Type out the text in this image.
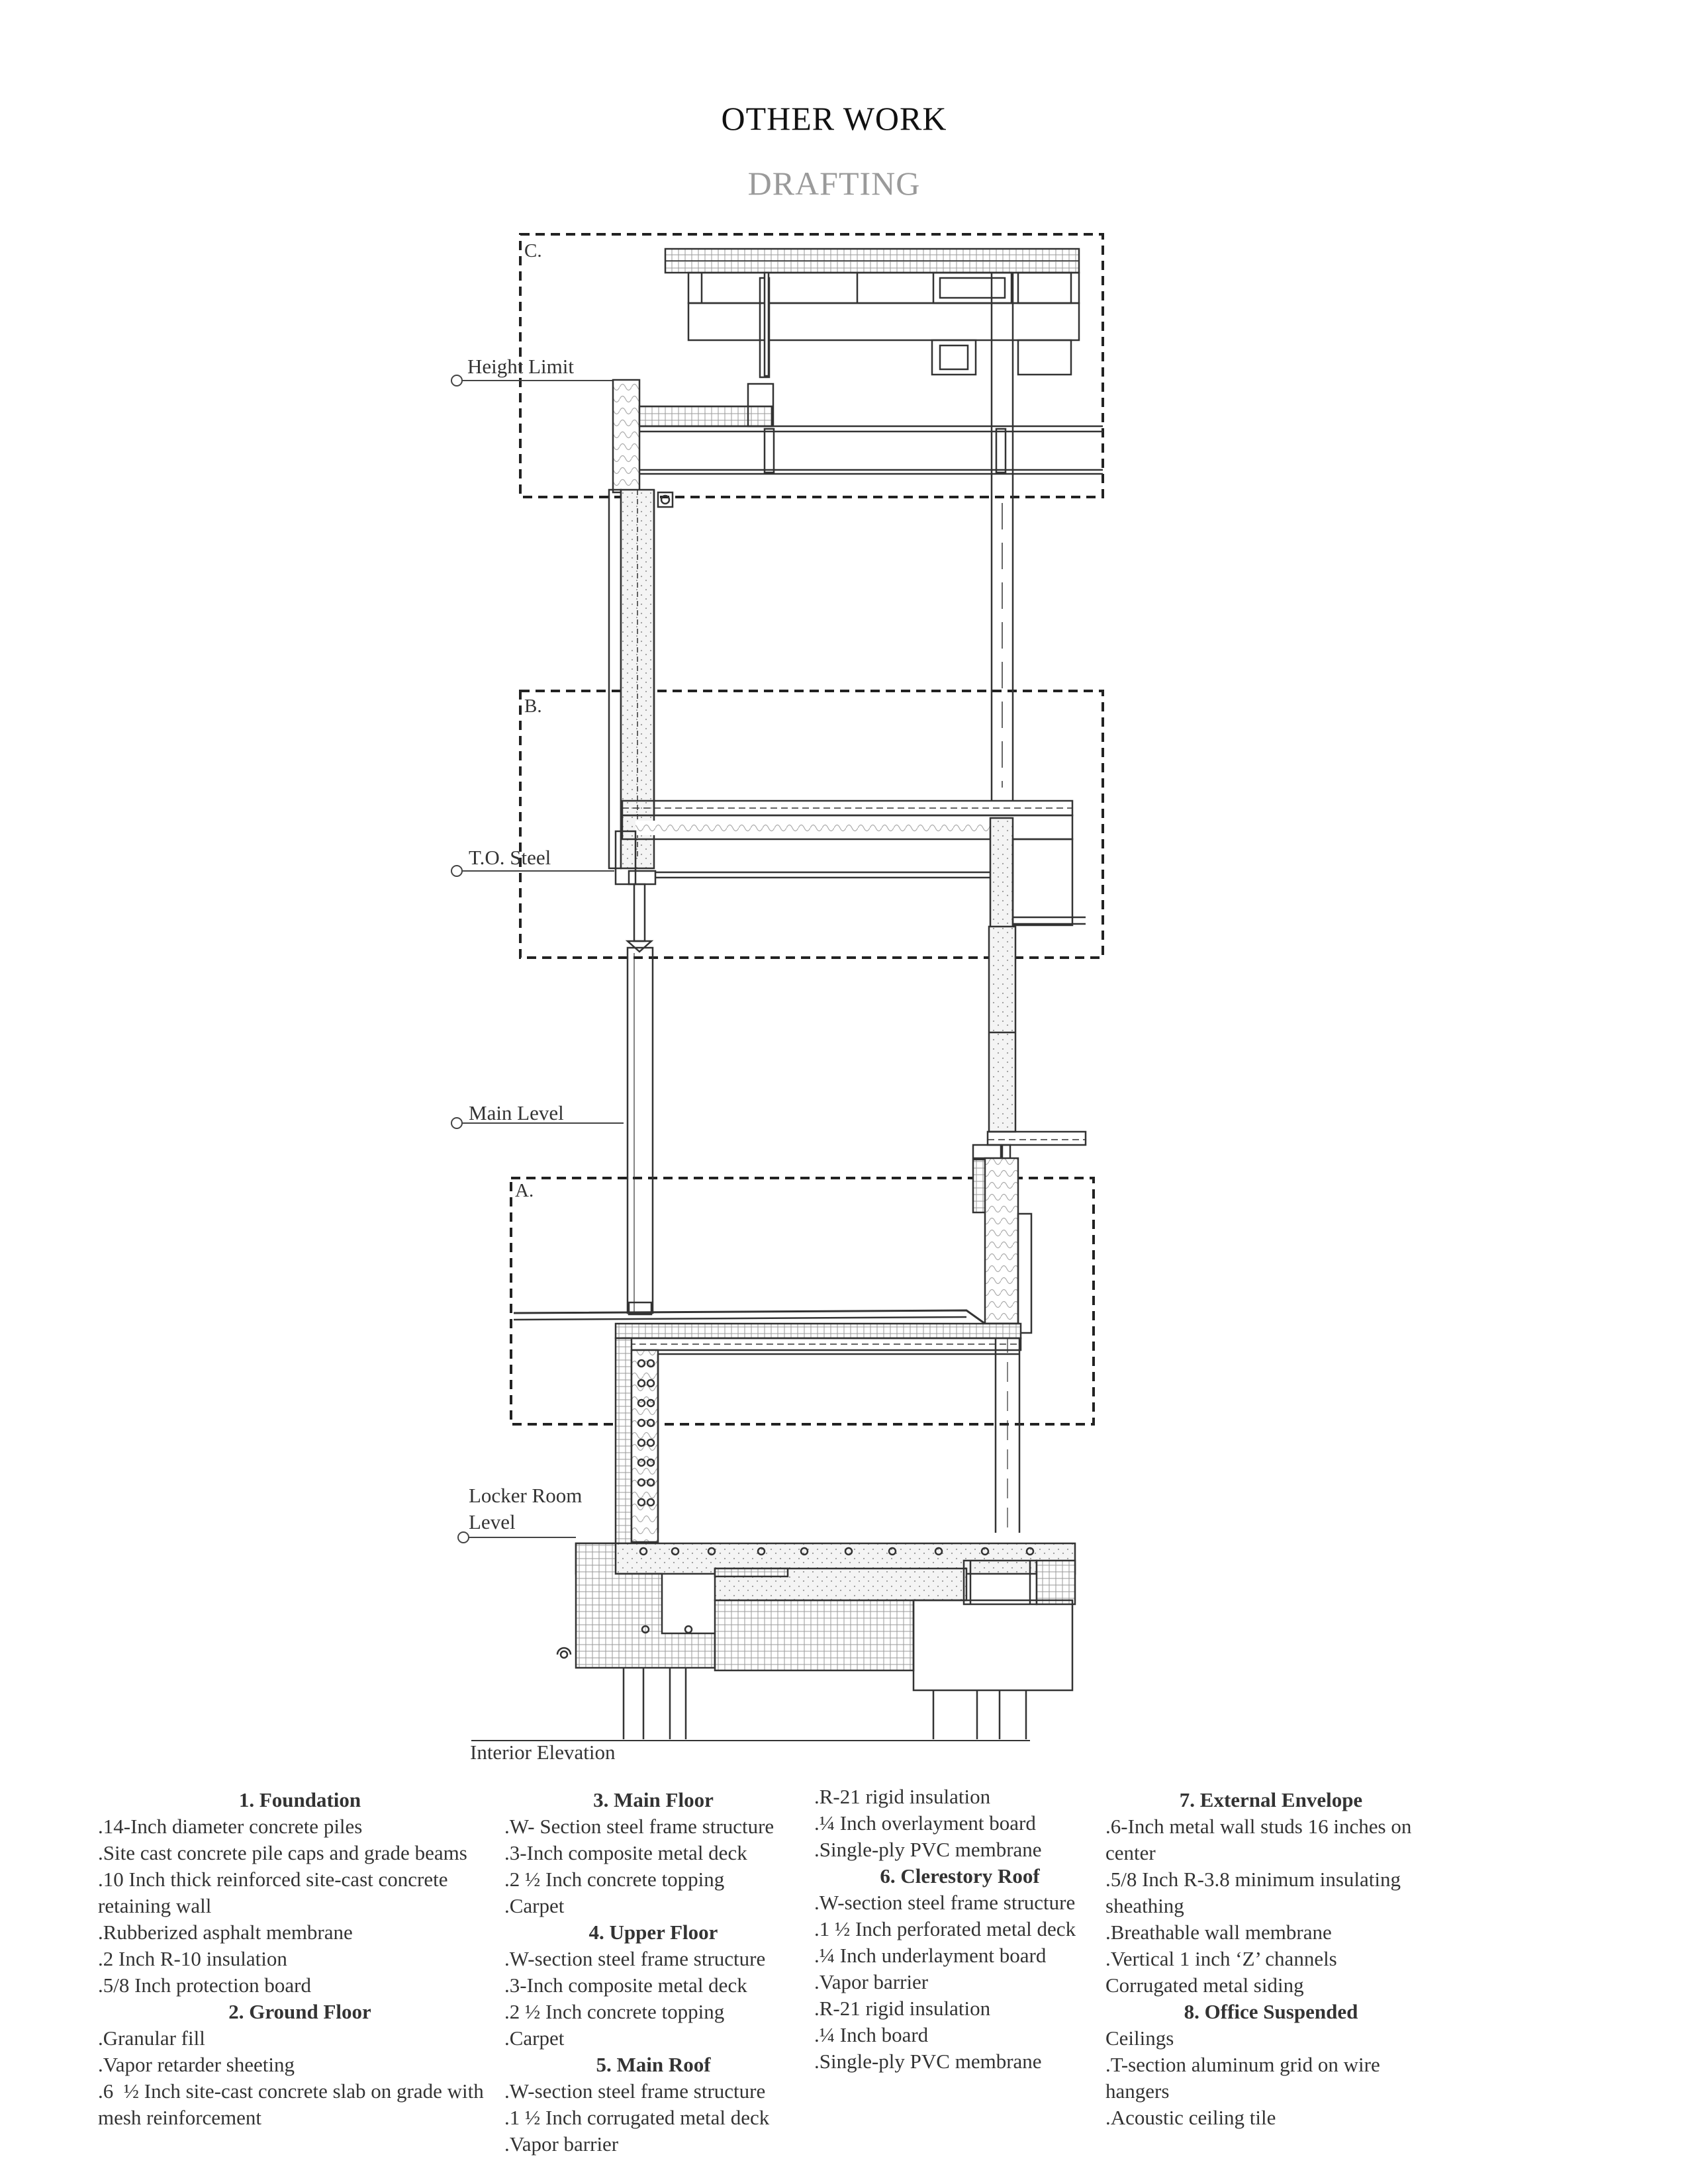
OTHER WORK
DRAFTING
C.
B.
A.
Height Limit
T.O. Steel
Main Level
Locker Room
Level
Interior Elevation
1. Foundation
.14-Inch diameter concrete piles
.Site cast concrete pile caps and grade beams
.10 Inch thick reinforced site-cast concrete retaining wall
.Rubberized asphalt membrane
.2 Inch R-10 insulation
.5/8 Inch protection board
2. Ground Floor
.Granular fill
.Vapor retarder sheeting
.6  ½ Inch site-cast concrete slab on grade with mesh reinforcement
3. Main Floor
.W- Section steel frame structure
.3-Inch composite metal deck
.2 ½ Inch concrete topping
.Carpet
4. Upper Floor
.W-section steel frame structure
.3-Inch composite metal deck
.2 ½ Inch concrete topping
.Carpet
5. Main Roof
.W-section steel frame structure
.1 ½ Inch corrugated metal deck
.Vapor barrier
.R-21 rigid insulation
.¼ Inch overlayment board
.Single-ply PVC membrane
6. Clerestory Roof
.W-section steel frame structure
.1 ½ Inch perforated metal deck
.¼ Inch underlayment board
.Vapor barrier
.R-21 rigid insulation
.¼ Inch board
.Single-ply PVC membrane
7. External Envelope
.6-Inch metal wall studs 16 inches on center
.5/8 Inch R-3.8 minimum insulating sheathing
.Breathable wall membrane
.Vertical 1 inch ‘Z’ channels
Corrugated metal siding
8. Office Suspended
Ceilings
.T-section aluminum grid on wire hangers
.Acoustic ceiling tile
